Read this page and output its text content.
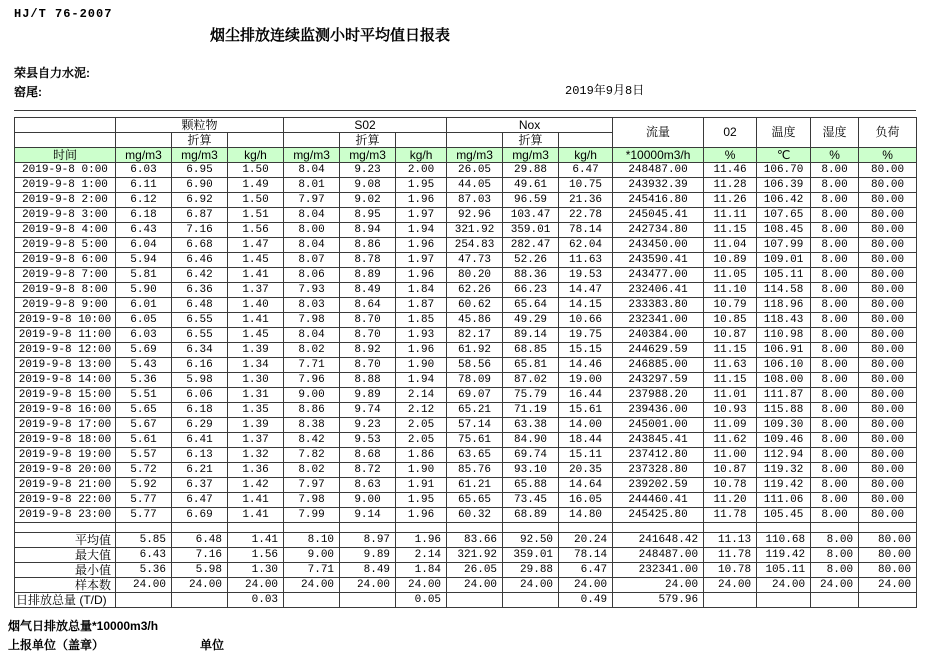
HJ/T 76-2007
烟尘排放连续监测小时平均值日报表
荣县自力水泥:
窑尾:	2019年9月8日
	颗粒物			S02			Nox			流量	02	温度	湿度	负荷
		折算			折算			折算						
时间	mg/m3	mg/m3	kg/h	mg/m3	mg/m3	kg/h	mg/m3	mg/m3	kg/h	*10000m3/h	%	℃	%	%
2019-9-8 0:00	6.03	6.95	1.50	8.04	9.23	2.00	26.05	29.88	6.47	248487.00	11.46	106.70	8.00	80.00
2019-9-8 1:00	6.11	6.90	1.49	8.01	9.08	1.95	44.05	49.61	10.75	243932.39	11.28	106.39	8.00	80.00
2019-9-8 2:00	6.12	6.92	1.50	7.97	9.02	1.96	87.03	96.59	21.36	245416.80	11.26	106.42	8.00	80.00
2019-9-8 3:00	6.18	6.87	1.51	8.04	8.95	1.97	92.96	103.47	22.78	245045.41	11.11	107.65	8.00	80.00
2019-9-8 4:00	6.43	7.16	1.56	8.00	8.94	1.94	321.92	359.01	78.14	242734.80	11.15	108.45	8.00	80.00
2019-9-8 5:00	6.04	6.68	1.47	8.04	8.86	1.96	254.83	282.47	62.04	243450.00	11.04	107.99	8.00	80.00
2019-9-8 6:00	5.94	6.46	1.45	8.07	8.78	1.97	47.73	52.26	11.63	243590.41	10.89	109.01	8.00	80.00
2019-9-8 7:00	5.81	6.42	1.41	8.06	8.89	1.96	80.20	88.36	19.53	243477.00	11.05	105.11	8.00	80.00
2019-9-8 8:00	5.90	6.36	1.37	7.93	8.49	1.84	62.26	66.23	14.47	232406.41	11.10	114.58	8.00	80.00
2019-9-8 9:00	6.01	6.48	1.40	8.03	8.64	1.87	60.62	65.64	14.15	233383.80	10.79	118.96	8.00	80.00
2019-9-8 10:00	6.05	6.55	1.41	7.98	8.70	1.85	45.86	49.29	10.66	232341.00	10.85	118.43	8.00	80.00
2019-9-8 11:00	6.03	6.55	1.45	8.04	8.70	1.93	82.17	89.14	19.75	240384.00	10.87	110.98	8.00	80.00
2019-9-8 12:00	5.69	6.34	1.39	8.02	8.92	1.96	61.92	68.85	15.15	244629.59	11.15	106.91	8.00	80.00
2019-9-8 13:00	5.43	6.16	1.34	7.71	8.70	1.90	58.56	65.81	14.46	246885.00	11.63	106.10	8.00	80.00
2019-9-8 14:00	5.36	5.98	1.30	7.96	8.88	1.94	78.09	87.02	19.00	243297.59	11.15	108.00	8.00	80.00
2019-9-8 15:00	5.51	6.06	1.31	9.00	9.89	2.14	69.07	75.79	16.44	237988.20	11.01	111.87	8.00	80.00
2019-9-8 16:00	5.65	6.18	1.35	8.86	9.74	2.12	65.21	71.19	15.61	239436.00	10.93	115.88	8.00	80.00
2019-9-8 17:00	5.67	6.29	1.39	8.38	9.23	2.05	57.14	63.38	14.00	245001.00	11.09	109.30	8.00	80.00
2019-9-8 18:00	5.61	6.41	1.37	8.42	9.53	2.05	75.61	84.90	18.44	243845.41	11.62	109.46	8.00	80.00
2019-9-8 19:00	5.57	6.13	1.32	7.82	8.68	1.86	63.65	69.74	15.11	237412.80	11.00	112.94	8.00	80.00
2019-9-8 20:00	5.72	6.21	1.36	8.02	8.72	1.90	85.76	93.10	20.35	237328.80	10.87	119.32	8.00	80.00
2019-9-8 21:00	5.92	6.37	1.42	7.97	8.63	1.91	61.21	65.88	14.64	239202.59	10.78	119.42	8.00	80.00
2019-9-8 22:00	5.77	6.47	1.41	7.98	9.00	1.95	65.65	73.45	16.05	244460.41	11.20	111.06	8.00	80.00
2019-9-8 23:00	5.77	6.69	1.41	7.99	9.14	1.96	60.32	68.89	14.80	245425.80	11.78	105.45	8.00	80.00

平均值	5.85	6.48	1.41	8.10	8.97	1.96	83.66	92.50	20.24	241648.42	11.13	110.68	8.00	80.00
最大值	6.43	7.16	1.56	9.00	9.89	2.14	321.92	359.01	78.14	248487.00	11.78	119.42	8.00	80.00
最小值	5.36	5.98	1.30	7.71	8.49	1.84	26.05	29.88	6.47	232341.00	10.78	105.11	8.00	80.00
样本数	24.00	24.00	24.00	24.00	24.00	24.00	24.00	24.00	24.00	24.00	24.00	24.00	24.00	24.00
日排放总量 (T/D)			0.03			0.05			0.49	579.96				
烟气日排放总量*10000m3/h
上报单位（盖章）	单位
